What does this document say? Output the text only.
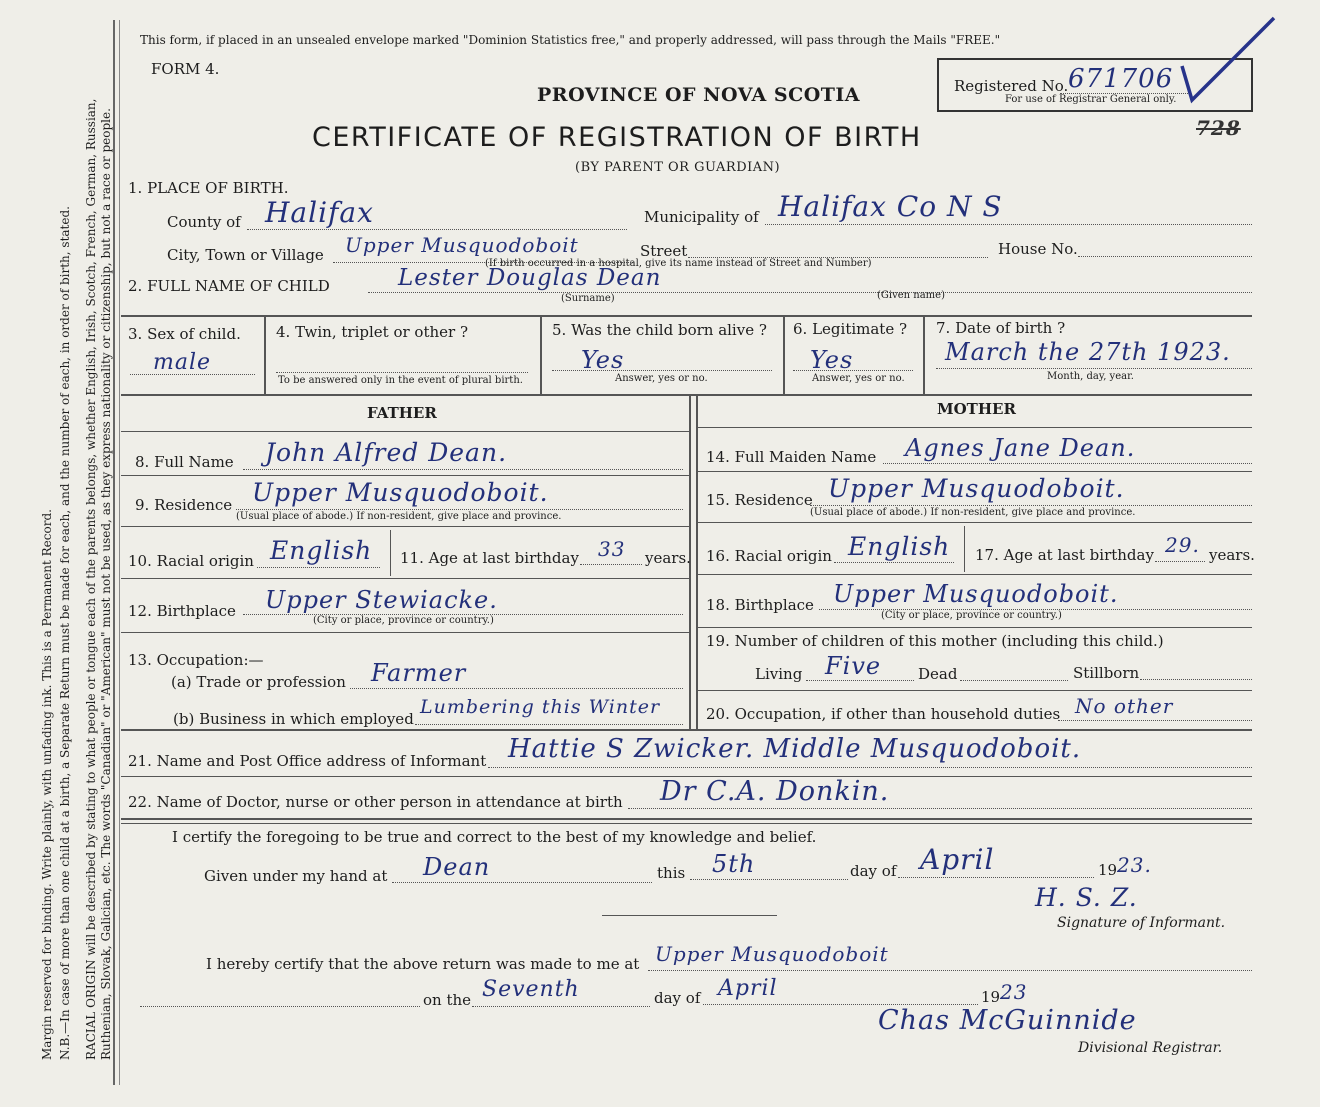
Margin reserved for binding. Write plainly, with unfading ink. This is a Permanent Record. N.B.—In case of more than one child at a birth, a Separate Return must be made for each, and the number of each, in order of birth, stated. RACIAL ORIGIN will be described by stating to what people or tongue each of the parents belongs, whether English, Irish, Scotch, French, German, Russian, Ruthenian, Slovak, Galician, etc. The words "Canadian" or "American" must not be used, as they express nationality or citizenship, but not a race or people.
This form, if placed in an unsealed envelope marked "Dominion Statistics free," and properly addressed, will pass through the Mails "FREE."
FORM 4.
PROVINCE OF NOVA SCOTIA
CERTIFICATE OF REGISTRATION OF BIRTH
(BY PARENT OR GUARDIAN)
Registered No. 671706
For use of Registrar General only.
728
1. PLACE OF BIRTH.
County of Halifax	Municipality of Halifax Co N S
City, Town or Village Upper Musquodoboit	Street
(If birth occurred in a hospital, give its name instead of Street and Number)
House No.
2. FULL NAME OF CHILD	Lester Douglas Dean
(Surname)	(Given name)
3. Sex of child.
male
4. Twin, triplet or other ?
To be answered only in the event of plural birth.
5. Was the child born alive ?
Yes
Answer, yes or no.
6. Legitimate ?
Yes
Answer, yes or no.
7. Date of birth ?
March the 27th 1923.
Month, day, year.
FATHER	MOTHER
8. Full Name John Alfred Dean.
9. Residence Upper Musquodoboit.
(Usual place of abode.) If non-resident, give place and province.
10. Racial origin English 11. Age at last birthday 33 years.
12. Birthplace Upper Stewiacke.
(City or place, province or country.)
13. Occupation:—
(a) Trade or profession Farmer
(b) Business in which employed
Lumbering this Winter
14. Full Maiden Name Agnes Jane Dean.
15. Residence Upper Musquodoboit.
(Usual place of abode.) If non-resident, give place and province.
16. Racial origin English 17. Age at last birthday 29. years.
18. Birthplace Upper Musquodoboit.
(City or place, province or country.)
19. Number of children of this mother (including this child.)
Living Five Dead	Stillborn
20. Occupation, if other than household duties No other
21. Name and Post Office address of Informant Hattie S Zwicker. Middle Musquodoboit.
22. Name of Doctor, nurse or other person in attendance at birth Dr C.A. Donkin.
I certify the foregoing to be true and correct to the best of my knowledge and belief.
Given under my hand at Dean	this 5th	day of April	19 23.
H. S. Z.
Signature of Informant.
I hereby certify that the above return was made to me at Upper Musquodoboit
on the Seventh	day of April	19 23
Chas McGuinnide
Divisional Registrar.
